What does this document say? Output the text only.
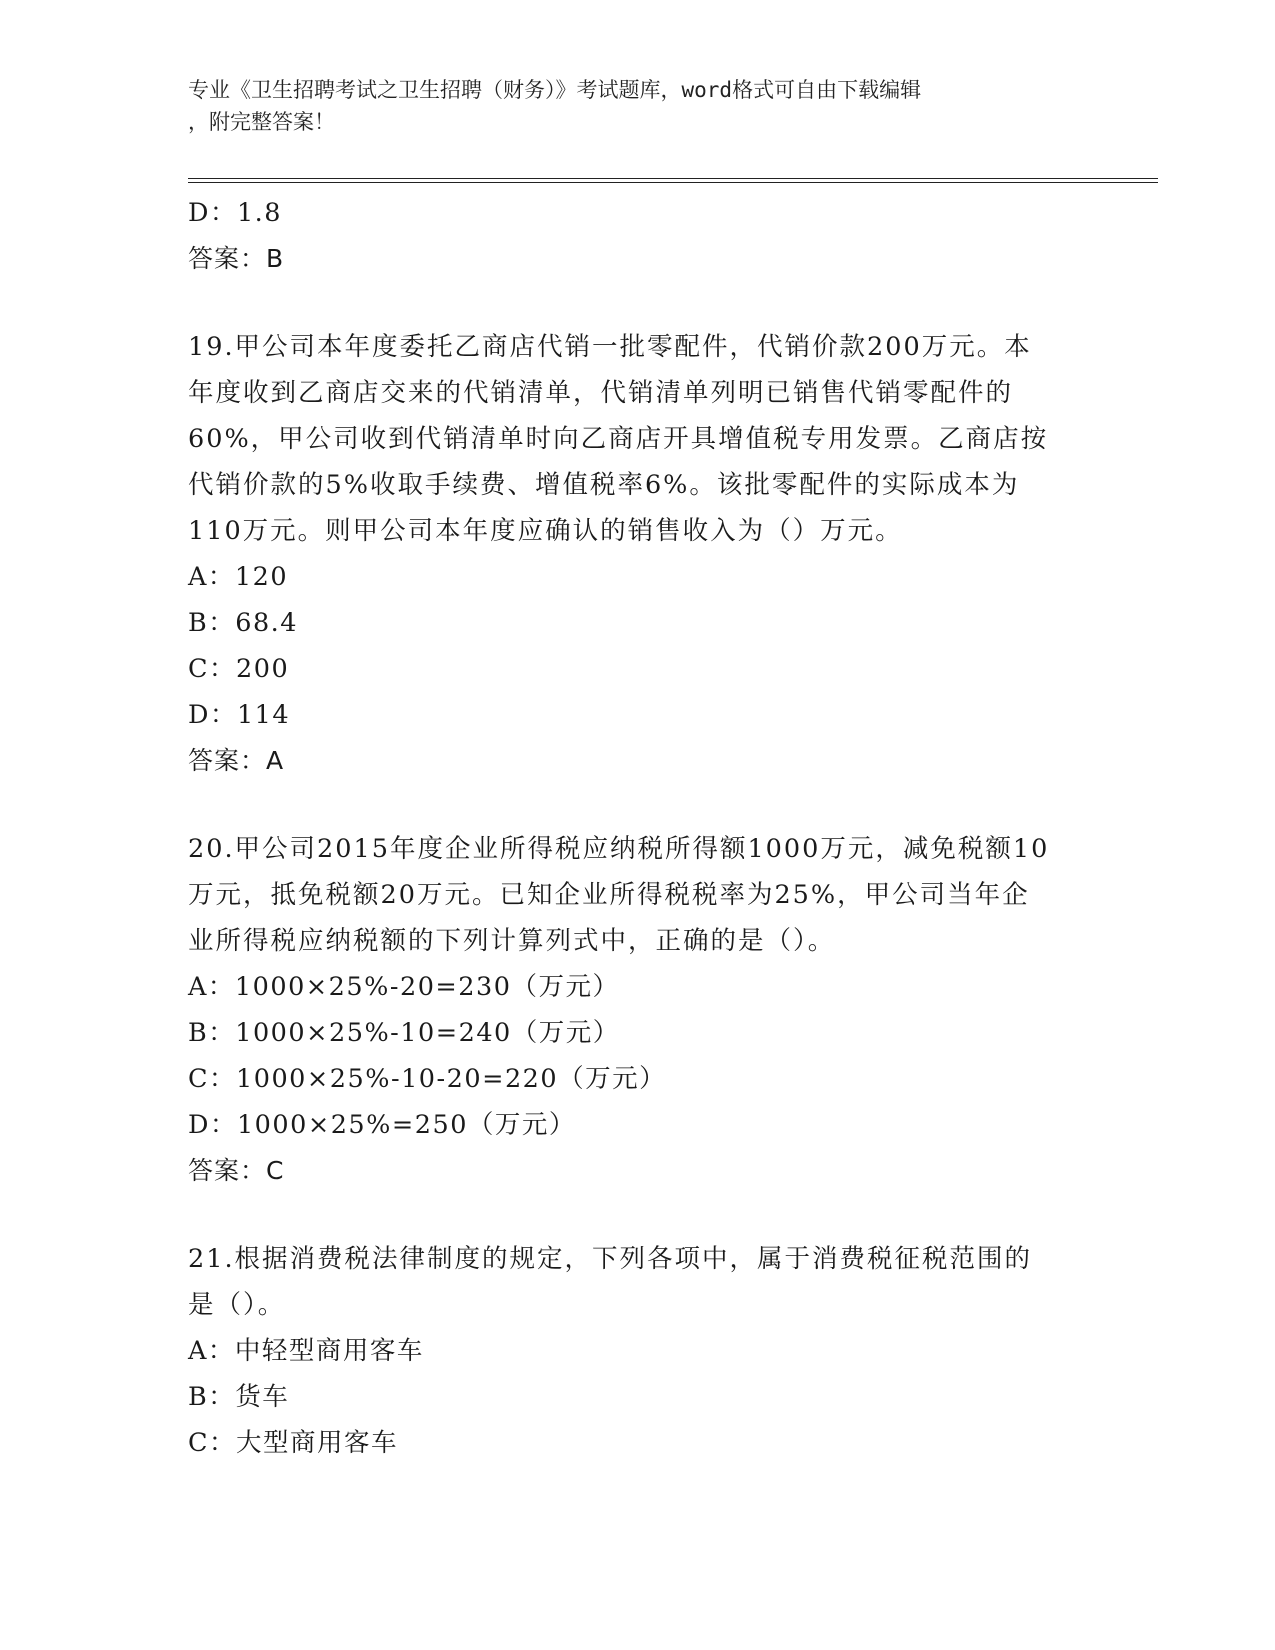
专业《卫生招聘考试之卫生招聘（财务）》考试题库，word格式可自由下载编辑
，附完整答案！
D：1.8
答案：B
19.甲公司本年度委托乙商店代销一批零配件，代销价款200万元。本
年度收到乙商店交来的代销清单，代销清单列明已销售代销零配件的
60%，甲公司收到代销清单时向乙商店开具增值税专用发票。乙商店按
代销价款的5%收取手续费、增值税率6%。该批零配件的实际成本为
110万元。则甲公司本年度应确认的销售收入为（）万元。
A：120
B：68.4
C：200
D：114
答案：A
20.甲公司2015年度企业所得税应纳税所得额1000万元，减免税额10
万元，抵免税额20万元。已知企业所得税税率为25%，甲公司当年企
业所得税应纳税额的下列计算列式中，正确的是（）。
A：1000×25%-20=230（万元）
B：1000×25%-10=240（万元）
C：1000×25%-10-20=220（万元）
D：1000×25%=250（万元）
答案：C
21.根据消费税法律制度的规定，下列各项中，属于消费税征税范围的
是（）。
A：中轻型商用客车
B：货车
C：大型商用客车
